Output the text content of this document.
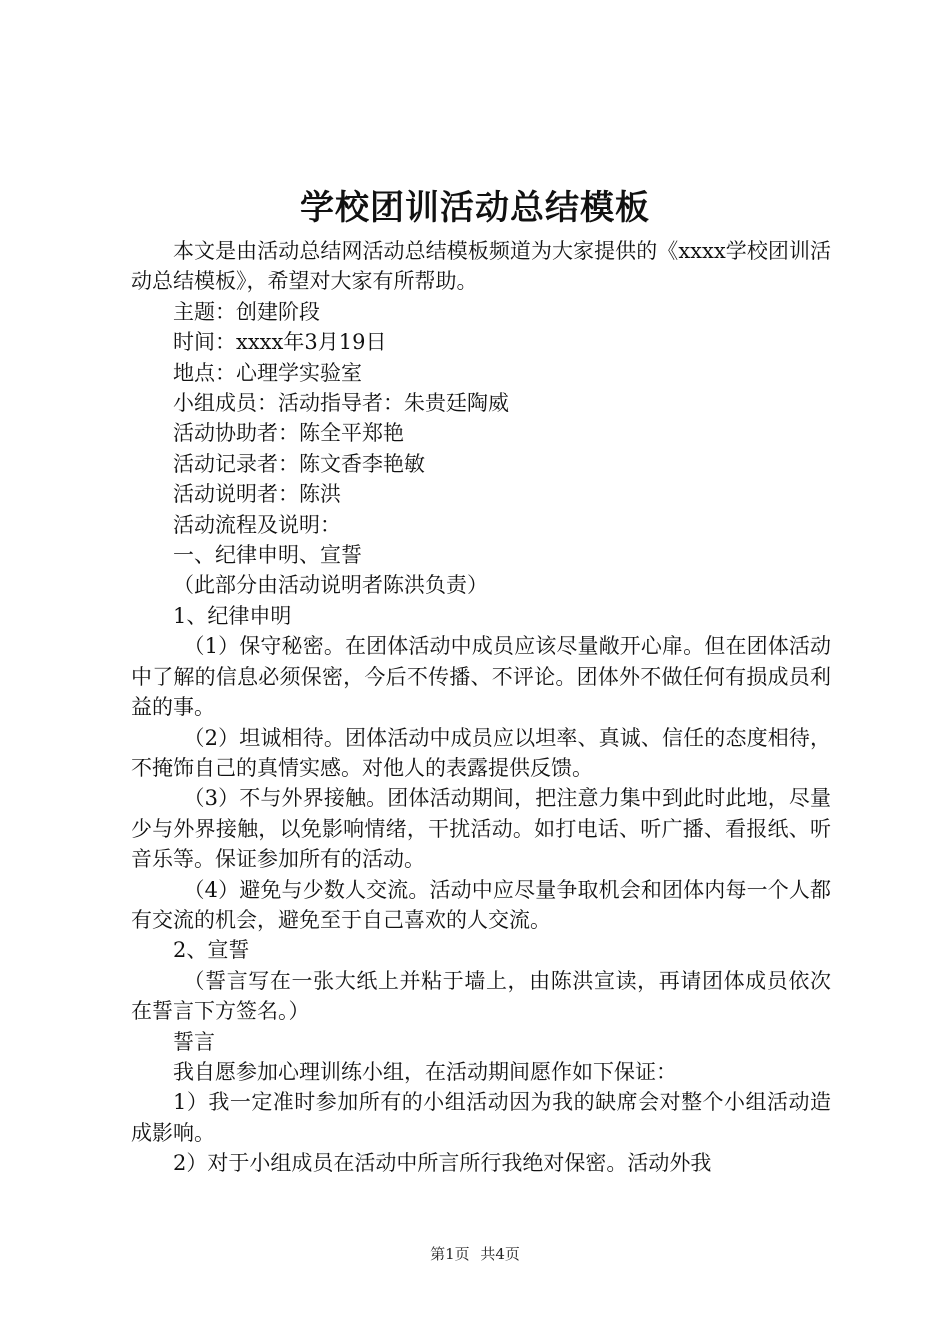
学校团训活动总结模板

本文是由活动总结网活动总结模板频道为大家提供的《xxxx学校团训活动总结模板》，希望对大家有所帮助。

主题：创建阶段

时间：xxxx年3月19日

地点：心理学实验室

小组成员：活动指导者：朱贵廷陶威

活动协助者：陈全平郑艳

活动记录者：陈文香李艳敏

活动说明者：陈洪

活动流程及说明：

一、纪律申明、宣誓

（此部分由活动说明者陈洪负责）

1、纪律申明

（1）保守秘密。在团体活动中成员应该尽量敞开心扉。但在团体活动中了解的信息必须保密，今后不传播、不评论。团体外不做任何有损成员利益的事。

（2）坦诚相待。团体活动中成员应以坦率、真诚、信任的态度相待，不掩饰自己的真情实感。对他人的表露提供反馈。

（3）不与外界接触。团体活动期间，把注意力集中到此时此地，尽量少与外界接触，以免影响情绪，干扰活动。如打电话、听广播、看报纸、听音乐等。保证参加所有的活动。

（4）避免与少数人交流。活动中应尽量争取机会和团体内每一个人都有交流的机会，避免至于自己喜欢的人交流。

2、宣誓

（誓言写在一张大纸上并粘于墙上，由陈洪宣读，再请团体成员依次在誓言下方签名。）

誓言

我自愿参加心理训练小组，在活动期间愿作如下保证：

1）我一定准时参加所有的小组活动因为我的缺席会对整个小组活动造成影响。

2）对于小组成员在活动中所言所行我绝对保密。活动外我

第1页 共4页
